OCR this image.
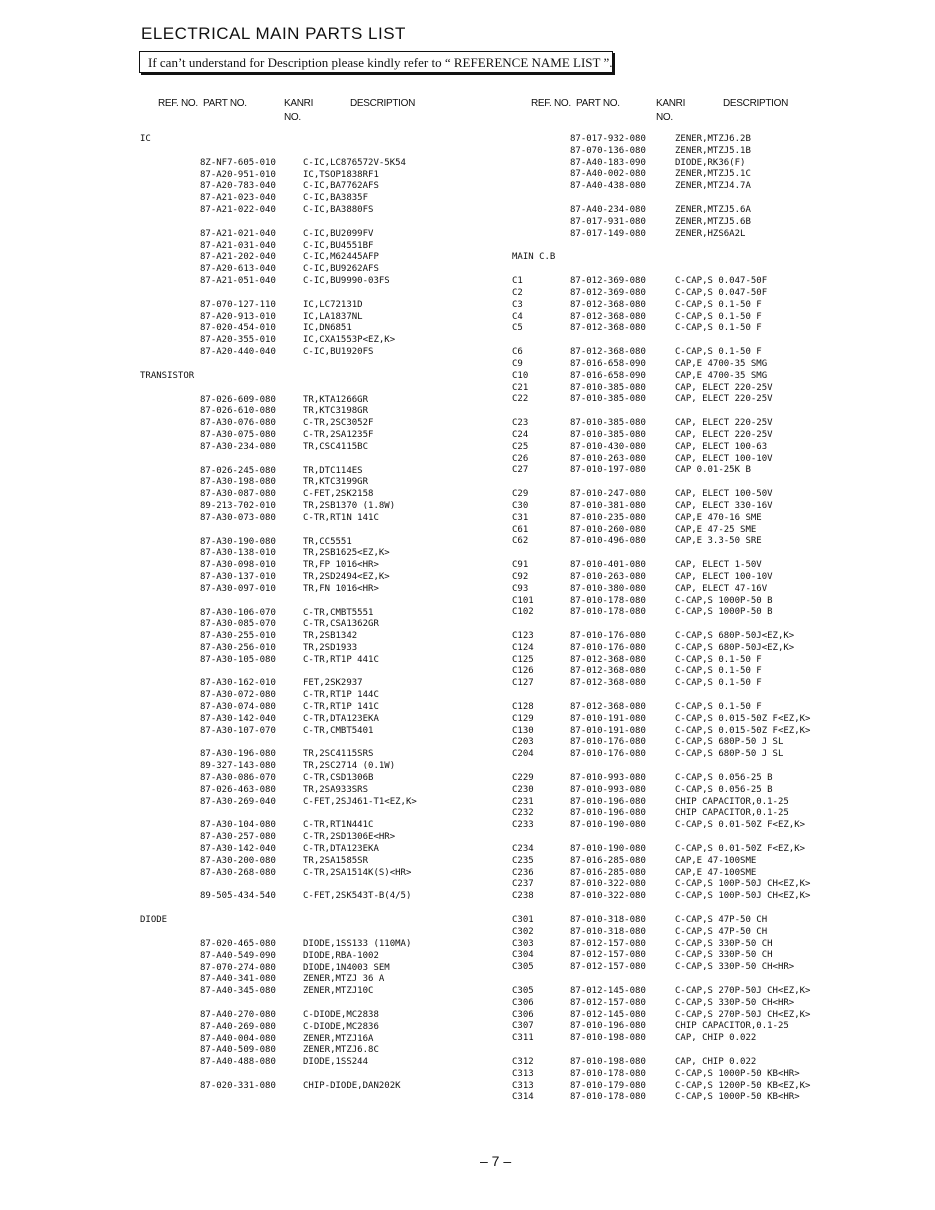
ELECTRICAL MAIN PARTS LIST
If can’t understand for Description please kindly refer to “ REFERENCE NAME LIST ”.
REF. NO. PART NO.	KANRI
NO.
DESCRIPTION	REF. NO. PART NO.	KANRI
NO.
DESCRIPTION
IC
8Z-NF7-605-010	C-IC,LC876572V-5K54
87-A20-951-010	IC,TSOP1838RF1
87-A20-783-040	C-IC,BA7762AFS
87-A21-023-040	C-IC,BA3835F
87-A21-022-040	C-IC,BA3880FS
87-A21-021-040	C-IC,BU2099FV
87-A21-031-040	C-IC,BU4551BF
87-A21-202-040	C-IC,M62445AFP
87-A20-613-040	C-IC,BU9262AFS
87-A21-051-040	C-IC,BU9990-03FS
87-070-127-110	IC,LC72131D
87-A20-913-010	IC,LA1837NL
87-020-454-010	IC,DN6851
87-A20-355-010	IC,CXA1553P<EZ,K>
87-A20-440-040	C-IC,BU1920FS
TRANSISTOR
87-026-609-080	TR,KTA1266GR
87-026-610-080	TR,KTC3198GR
87-A30-076-080	C-TR,2SC3052F
87-A30-075-080	C-TR,2SA1235F
87-A30-234-080	TR,CSC4115BC
87-026-245-080	TR,DTC114ES
87-A30-198-080	TR,KTC3199GR
87-A30-087-080	C-FET,2SK2158
89-213-702-010	TR,2SB1370 (1.8W)
87-A30-073-080	C-TR,RT1N 141C
87-A30-190-080	TR,CC5551
87-A30-138-010	TR,2SB1625<EZ,K>
87-A30-098-010	TR,FP 1016<HR>
87-A30-137-010	TR,2SD2494<EZ,K>
87-A30-097-010	TR,FN 1016<HR>
87-A30-106-070	C-TR,CMBT5551
87-A30-085-070	C-TR,CSA1362GR
87-A30-255-010	TR,2SB1342
87-A30-256-010	TR,2SD1933
87-A30-105-080	C-TR,RT1P 441C
87-A30-162-010	FET,2SK2937
87-A30-072-080	C-TR,RT1P 144C
87-A30-074-080	C-TR,RT1P 141C
87-A30-142-040	C-TR,DTA123EKA
87-A30-107-070	C-TR,CMBT5401
87-A30-196-080	TR,2SC4115SRS
89-327-143-080	TR,2SC2714 (0.1W)
87-A30-086-070	C-TR,CSD1306B
87-026-463-080	TR,2SA933SRS
87-A30-269-040	C-FET,2SJ461-T1<EZ,K>
87-A30-104-080	C-TR,RT1N441C
87-A30-257-080	C-TR,2SD1306E<HR>
87-A30-142-040	C-TR,DTA123EKA
87-A30-200-080	TR,2SA1585SR
87-A30-268-080	C-TR,2SA1514K(S)<HR>
89-505-434-540	C-FET,2SK543T-B(4/5)
DIODE
87-020-465-080	DIODE,1SS133 (110MA)
87-A40-549-090	DIODE,RBA-1002
87-070-274-080	DIODE,1N4003 SEM
87-A40-341-080	ZENER,MTZJ 36 A
87-A40-345-080	ZENER,MTZJ10C
87-A40-270-080	C-DIODE,MC2838
87-A40-269-080	C-DIODE,MC2836
87-A40-004-080	ZENER,MTZJ16A
87-A40-509-080	ZENER,MTZJ6.8C
87-A40-488-080	DIODE,1SS244
87-020-331-080	CHIP-DIODE,DAN202K
87-017-932-080	ZENER,MTZJ6.2B
87-070-136-080	ZENER,MTZJ5.1B
87-A40-183-090	DIODE,RK36(F)
87-A40-002-080	ZENER,MTZJ5.1C
87-A40-438-080	ZENER,MTZJ4.7A
87-A40-234-080	ZENER,MTZJ5.6A
87-017-931-080	ZENER,MTZJ5.6B
87-017-149-080	ZENER,HZS6A2L
MAIN C.B
C1	87-012-369-080	C-CAP,S 0.047-50F
C2	87-012-369-080	C-CAP,S 0.047-50F
C3	87-012-368-080	C-CAP,S 0.1-50 F
C4	87-012-368-080	C-CAP,S 0.1-50 F
C5	87-012-368-080	C-CAP,S 0.1-50 F
C6	87-012-368-080	C-CAP,S 0.1-50 F
C9	87-016-658-090	CAP,E 4700-35 SMG
C10	87-016-658-090	CAP,E 4700-35 SMG
C21	87-010-385-080	CAP, ELECT 220-25V
C22	87-010-385-080	CAP, ELECT 220-25V
C23	87-010-385-080	CAP, ELECT 220-25V
C24	87-010-385-080	CAP, ELECT 220-25V
C25	87-010-430-080	CAP, ELECT 100-63
C26	87-010-263-080	CAP, ELECT 100-10V
C27	87-010-197-080	CAP 0.01-25K B
C29	87-010-247-080	CAP, ELECT 100-50V
C30	87-010-381-080	CAP, ELECT 330-16V
C31	87-010-235-080	CAP,E 470-16 SME
C61	87-010-260-080	CAP,E 47-25 SME
C62	87-010-496-080	CAP,E 3.3-50 SRE
C91	87-010-401-080	CAP, ELECT 1-50V
C92	87-010-263-080	CAP, ELECT 100-10V
C93	87-010-380-080	CAP, ELECT 47-16V
C101	87-010-178-080	C-CAP,S 1000P-50 B
C102	87-010-178-080	C-CAP,S 1000P-50 B
C123	87-010-176-080	C-CAP,S 680P-50J<EZ,K>
C124	87-010-176-080	C-CAP,S 680P-50J<EZ,K>
C125	87-012-368-080	C-CAP,S 0.1-50 F
C126	87-012-368-080	C-CAP,S 0.1-50 F
C127	87-012-368-080	C-CAP,S 0.1-50 F
C128	87-012-368-080	C-CAP,S 0.1-50 F
C129	87-010-191-080	C-CAP,S 0.015-50Z F<EZ,K>
C130	87-010-191-080	C-CAP,S 0.015-50Z F<EZ,K>
C203	87-010-176-080	C-CAP,S 680P-50 J SL
C204	87-010-176-080	C-CAP,S 680P-50 J SL
C229	87-010-993-080	C-CAP,S 0.056-25 B
C230	87-010-993-080	C-CAP,S 0.056-25 B
C231	87-010-196-080	CHIP CAPACITOR,0.1-25
C232	87-010-196-080	CHIP CAPACITOR,0.1-25
C233	87-010-190-080	C-CAP,S 0.01-50Z F<EZ,K>
C234	87-010-190-080	C-CAP,S 0.01-50Z F<EZ,K>
C235	87-016-285-080	CAP,E 47-100SME
C236	87-016-285-080	CAP,E 47-100SME
C237	87-010-322-080	C-CAP,S 100P-50J CH<EZ,K>
C238	87-010-322-080	C-CAP,S 100P-50J CH<EZ,K>
C301	87-010-318-080	C-CAP,S 47P-50 CH
C302	87-010-318-080	C-CAP,S 47P-50 CH
C303	87-012-157-080	C-CAP,S 330P-50 CH
C304	87-012-157-080	C-CAP,S 330P-50 CH
C305	87-012-157-080	C-CAP,S 330P-50 CH<HR>
C305	87-012-145-080	C-CAP,S 270P-50J CH<EZ,K>
C306	87-012-157-080	C-CAP,S 330P-50 CH<HR>
C306	87-012-145-080	C-CAP,S 270P-50J CH<EZ,K>
C307	87-010-196-080	CHIP CAPACITOR,0.1-25
C311	87-010-198-080	CAP, CHIP 0.022
C312	87-010-198-080	CAP, CHIP 0.022
C313	87-010-178-080	C-CAP,S 1000P-50 KB<HR>
C313	87-010-179-080	C-CAP,S 1200P-50 KB<EZ,K>
C314	87-010-178-080	C-CAP,S 1000P-50 KB<HR>
– 7 –
